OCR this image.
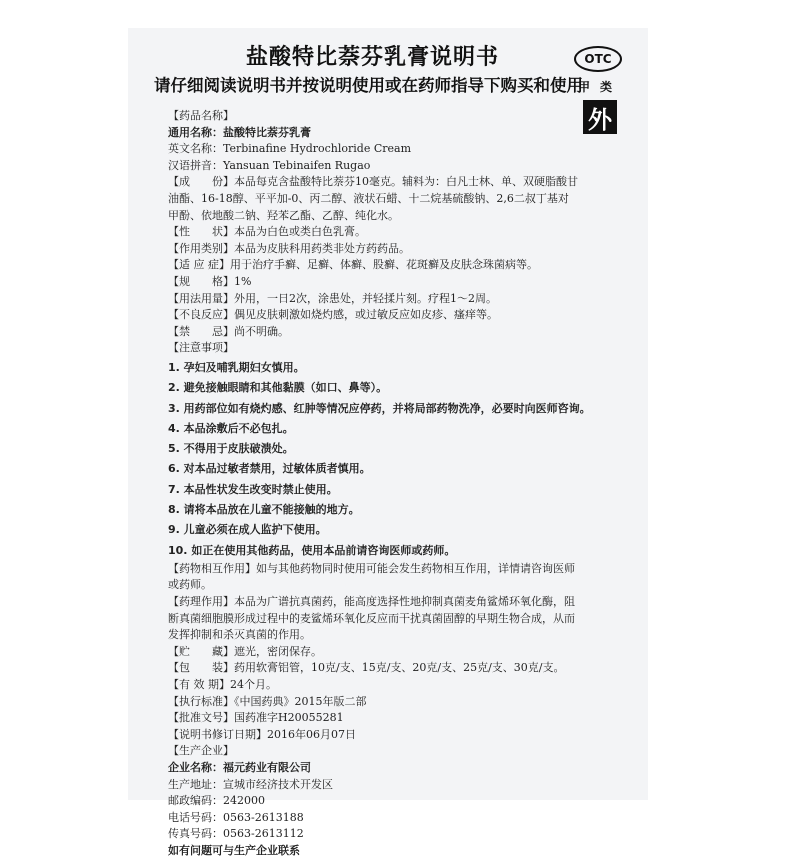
盐酸特比萘芬乳膏说明书
请仔细阅读说明书并按说明使用或在药师指导下购买和使用
OTC
甲类
外
【药品名称】
通用名称：盐酸特比萘芬乳膏
英文名称：Terbinafine Hydrochloride Cream
汉语拼音：Yansuan Tebinaifen Rugao
【成　　份】本品每克含盐酸特比萘芬10毫克。辅料为：白凡士林、单、双硬脂酸甘油酯、16-18醇、平平加-0、丙二醇、液状石蜡、十二烷基硫酸钠、2,6二叔丁基对甲酚、依地酸二钠、羟苯乙酯、乙醇、纯化水。
【性　　状】本品为白色或类白色乳膏。
【作用类别】本品为皮肤科用药类非处方药药品。
【适 应 症】用于治疗手癣、足癣、体癣、股癣、花斑癣及皮肤念珠菌病等。
【规　　格】1%
【用法用量】外用，一日2次，涂患处，并轻揉片刻。疗程1～2周。
【不良反应】偶见皮肤刺激如烧灼感，或过敏反应如皮疹、瘙痒等。
【禁　　忌】尚不明确。
【注意事项】
1. 孕妇及哺乳期妇女慎用。
2. 避免接触眼睛和其他黏膜（如口、鼻等）。
3. 用药部位如有烧灼感、红肿等情况应停药，并将局部药物洗净，必要时向医师咨询。
4. 本品涂敷后不必包扎。
5. 不得用于皮肤破溃处。
6. 对本品过敏者禁用，过敏体质者慎用。
7. 本品性状发生改变时禁止使用。
8. 请将本品放在儿童不能接触的地方。
9. 儿童必须在成人监护下使用。
10. 如正在使用其他药品，使用本品前请咨询医师或药师。
【药物相互作用】如与其他药物同时使用可能会发生药物相互作用，详情请咨询医师或药师。
【药理作用】本品为广谱抗真菌药，能高度选择性地抑制真菌麦角鲨烯环氧化酶，阻断真菌细胞膜形成过程中的麦鲨烯环氧化反应而干扰真菌固醇的早期生物合成，从而发挥抑制和杀灭真菌的作用。
【贮　　藏】遮光，密闭保存。
【包　　装】药用软膏铝管，10克/支、15克/支、20克/支、25克/支、30克/支。
【有 效 期】24个月。
【执行标准】《中国药典》2015年版二部
【批准文号】国药准字H20055281
【说明书修订日期】2016年06月07日
【生产企业】
企业名称：福元药业有限公司
生产地址：宣城市经济技术开发区
邮政编码：242000
电话号码：0563-2613188
传真号码：0563-2613112
如有问题可与生产企业联系
